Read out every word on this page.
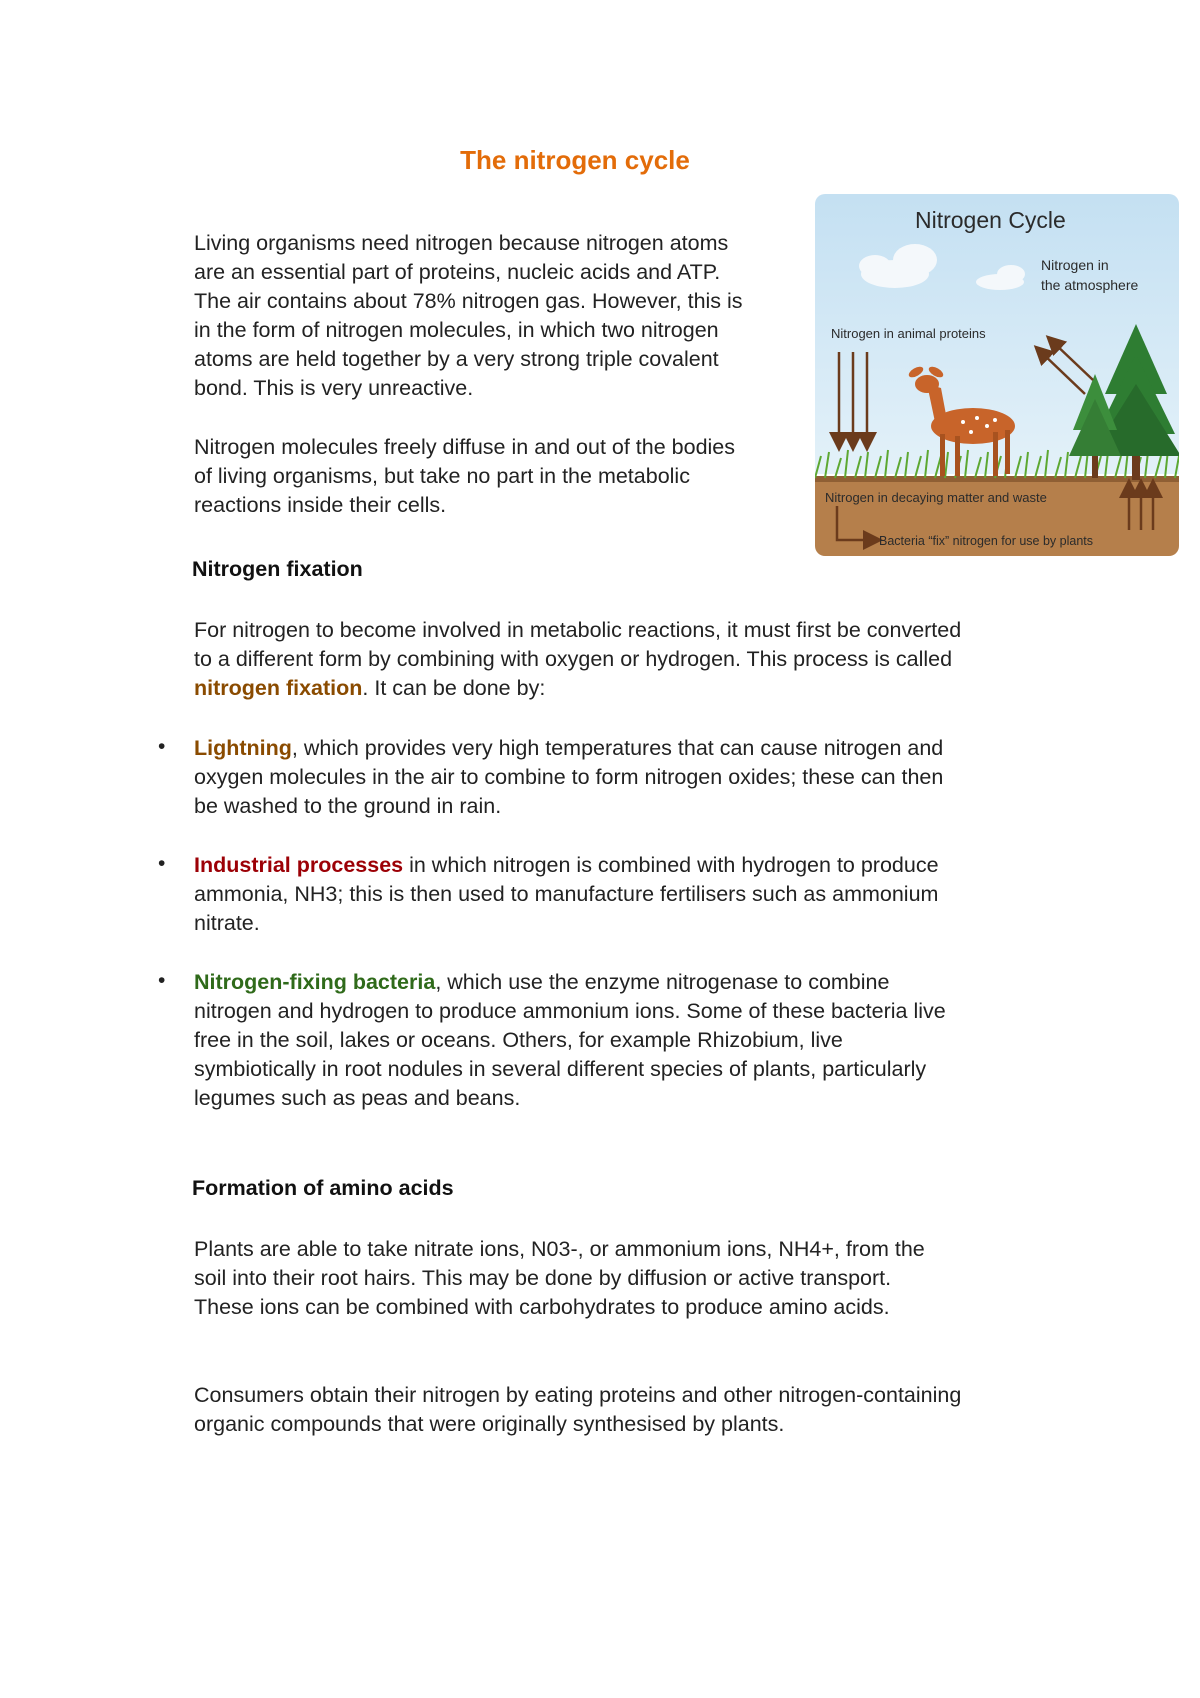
The nitrogen cycle

Living organisms need nitrogen because nitrogen atoms are an essential part of proteins, nucleic acids and ATP. The air contains about 78% nitrogen gas. However, this is in the form of nitrogen molecules, in which two nitrogen atoms are held together by a very strong triple covalent bond. This is very unreactive.

Nitrogen molecules freely diffuse in and out of the bodies of living organisms, but take no part in the metabolic reactions inside their cells.

Nitrogen Cycle
Nitrogen in
the atmosphere
Nitrogen in animal proteins
Nitrogen in decaying matter and waste
Bacteria “fix” nitrogen for use by plants
Nitrogen fixation

For nitrogen to become involved in metabolic reactions, it must first be converted to a different form by combining with oxygen or hydrogen. This process is called nitrogen fixation. It can be done by:

• Lightning, which provides very high temperatures that can cause nitrogen and oxygen molecules in the air to combine to form nitrogen oxides; these can then be washed to the ground in rain.

• Industrial processes in which nitrogen is combined with hydrogen to produce ammonia, NH3; this is then used to manufacture fertilisers such as ammonium nitrate.

• Nitrogen-fixing bacteria, which use the enzyme nitrogenase to combine nitrogen and hydrogen to produce ammonium ions. Some of these bacteria live free in the soil, lakes or oceans. Others, for example Rhizobium, live symbiotically in root nodules in several different species of plants, particularly legumes such as peas and beans.

Formation of amino acids

Plants are able to take nitrate ions, N03-, or ammonium ions, NH4+, from the soil into their root hairs. This may be done by diffusion or active transport. These ions can be combined with carbohydrates to produce amino acids.

Consumers obtain their nitrogen by eating proteins and other nitrogen-containing organic compounds that were originally synthesised by plants.
